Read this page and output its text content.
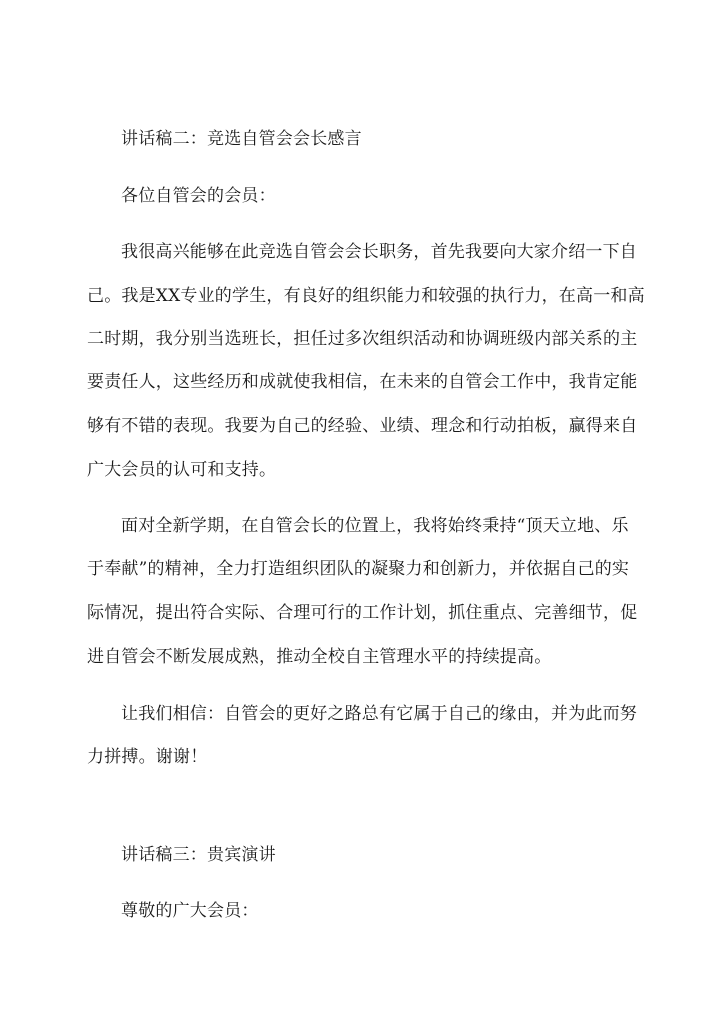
讲话稿二：竞选自管会会长感言
各位自管会的会员：
我很高兴能够在此竞选自管会会长职务，首先我要向大家介绍一下自
己。我是XX专业的学生，有良好的组织能力和较强的执行力，在高一和高
二时期，我分别当选班长，担任过多次组织活动和协调班级内部关系的主
要责任人，这些经历和成就使我相信，在未来的自管会工作中，我肯定能
够有不错的表现。我要为自己的经验、业绩、理念和行动拍板，赢得来自
广大会员的认可和支持。
面对全新学期，在自管会长的位置上，我将始终秉持“顶天立地、乐
于奉献”的精神，全力打造组织团队的凝聚力和创新力，并依据自己的实
际情况，提出符合实际、合理可行的工作计划，抓住重点、完善细节，促
进自管会不断发展成熟，推动全校自主管理水平的持续提高。
让我们相信：自管会的更好之路总有它属于自己的缘由，并为此而努
力拼搏。谢谢！
讲话稿三：贵宾演讲
尊敬的广大会员：
